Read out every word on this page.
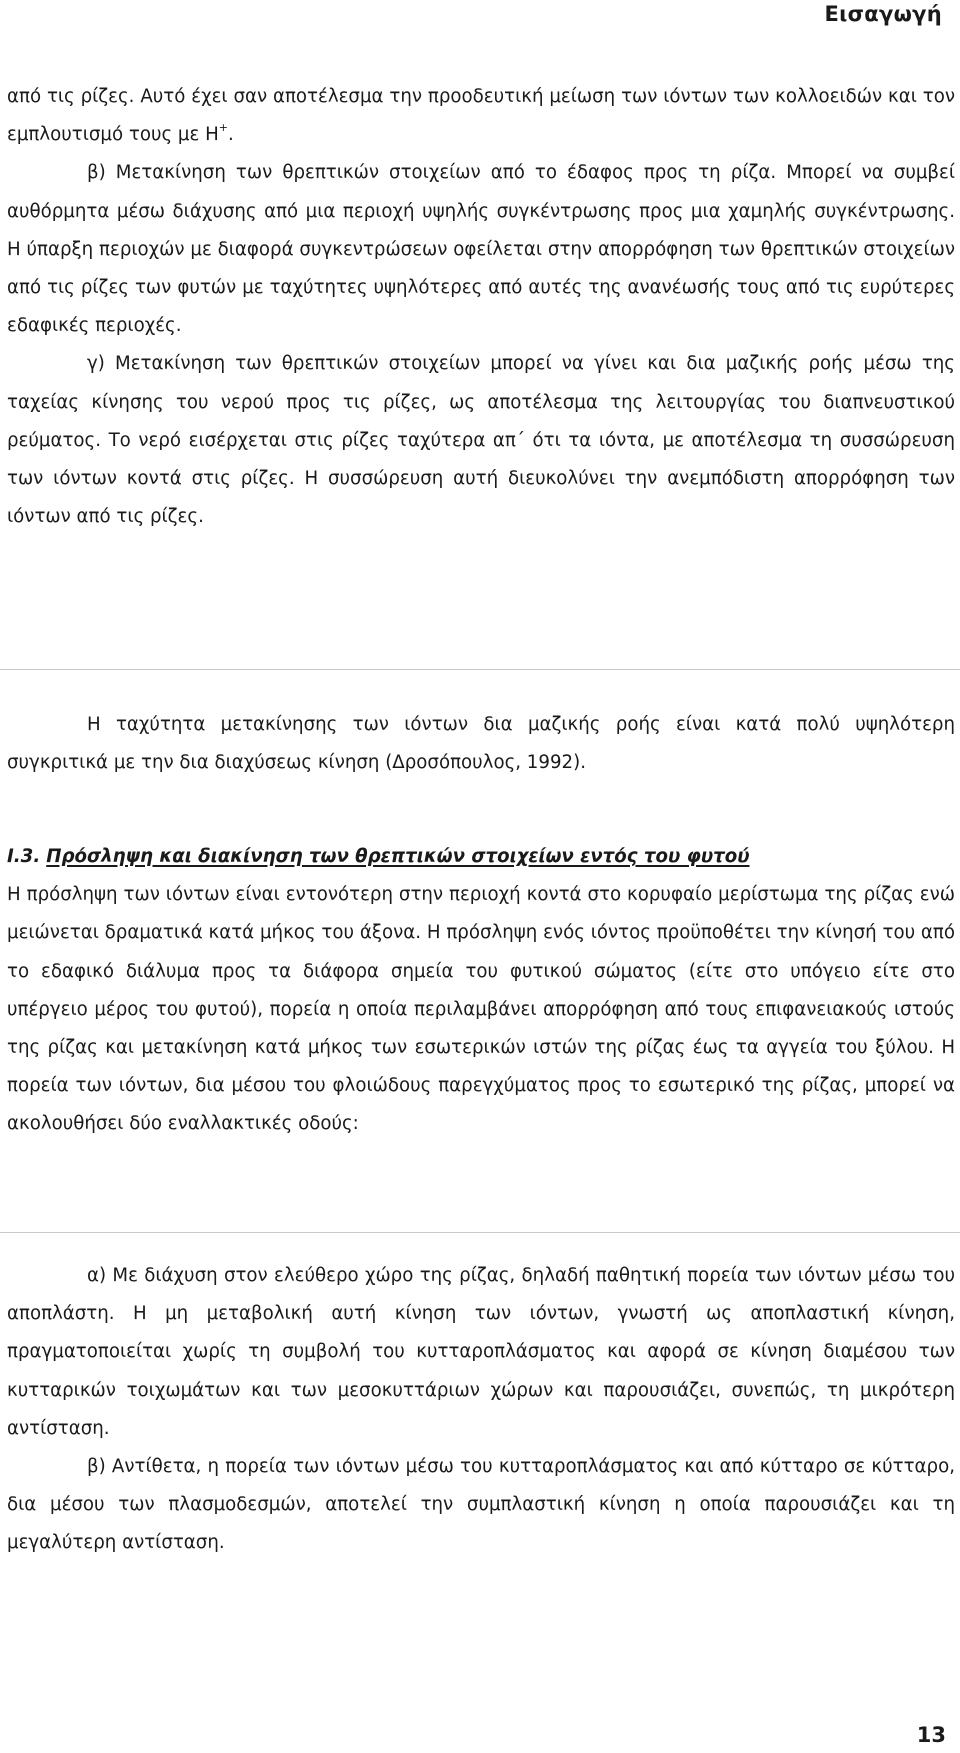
Εισαγωγή

από τις ρίζες. Αυτό έχει σαν αποτέλεσμα την προοδευτική μείωση των ιόντων των κολλοειδών και τον εμπλουτισμό τους με Η+.

β) Μετακίνηση των θρεπτικών στοιχείων από το έδαφος προς τη ρίζα. Μπορεί να συμβεί αυθόρμητα μέσω διάχυσης από μια περιοχή υψηλής συγκέντρωσης προς μια χαμηλής συγκέντρωσης. Η ύπαρξη περιοχών με διαφορά συγκεντρώσεων οφείλεται στην απορρόφηση των θρεπτικών στοιχείων από τις ρίζες των φυτών με ταχύτητες υψηλότερες από αυτές της ανανέωσής τους από τις ευρύτερες εδαφικές περιοχές.

γ) Μετακίνηση των θρεπτικών στοιχείων μπορεί να γίνει και δια μαζικής ροής μέσω της ταχείας κίνησης του νερού προς τις ρίζες, ως αποτέλεσμα της λειτουργίας του διαπνευστικού ρεύματος. Το νερό εισέρχεται στις ρίζες ταχύτερα απ΄ ότι τα ιόντα, με αποτέλεσμα τη συσσώρευση των ιόντων κοντά στις ρίζες. Η συσσώρευση αυτή διευκολύνει την ανεμπόδιστη απορρόφηση των ιόντων από τις ρίζες.

Η ταχύτητα μετακίνησης των ιόντων δια μαζικής ροής είναι κατά πολύ υψηλότερη συγκριτικά με την δια διαχύσεως κίνηση (Δροσόπουλος, 1992).

Ι.3. Πρόσληψη και διακίνηση των θρεπτικών στοιχείων εντός του φυτού

Η πρόσληψη των ιόντων είναι εντονότερη στην περιοχή κοντά στο κορυφαίο μερίστωμα της ρίζας ενώ μειώνεται δραματικά κατά μήκος του άξονα. Η πρόσληψη ενός ιόντος προϋποθέτει την κίνησή του από το εδαφικό διάλυμα προς τα διάφορα σημεία του φυτικού σώματος (είτε στο υπόγειο είτε στο υπέργειο μέρος του φυτού), πορεία η οποία περιλαμβάνει απορρόφηση από τους επιφανειακούς ιστούς της ρίζας και μετακίνηση κατά μήκος των εσωτερικών ιστών της ρίζας έως τα αγγεία του ξύλου. Η πορεία των ιόντων, δια μέσου του φλοιώδους παρεγχύματος προς το εσωτερικό της ρίζας, μπορεί να ακολουθήσει δύο εναλλακτικές οδούς:

α) Με διάχυση στον ελεύθερο χώρο της ρίζας, δηλαδή παθητική πορεία των ιόντων μέσω του αποπλάστη. Η μη μεταβολική αυτή κίνηση των ιόντων, γνωστή ως αποπλαστική κίνηση, πραγματοποιείται χωρίς τη συμβολή του κυτταροπλάσματος και αφορά σε κίνηση διαμέσου των κυτταρικών τοιχωμάτων και των μεσοκυττάριων χώρων και παρουσιάζει, συνεπώς, τη μικρότερη αντίσταση.

β) Αντίθετα, η πορεία των ιόντων μέσω του κυτταροπλάσματος και από κύτταρο σε κύτταρο, δια μέσου των πλασμοδεσμών, αποτελεί την συμπλαστική κίνηση η οποία παρουσιάζει και τη μεγαλύτερη αντίσταση.

13
